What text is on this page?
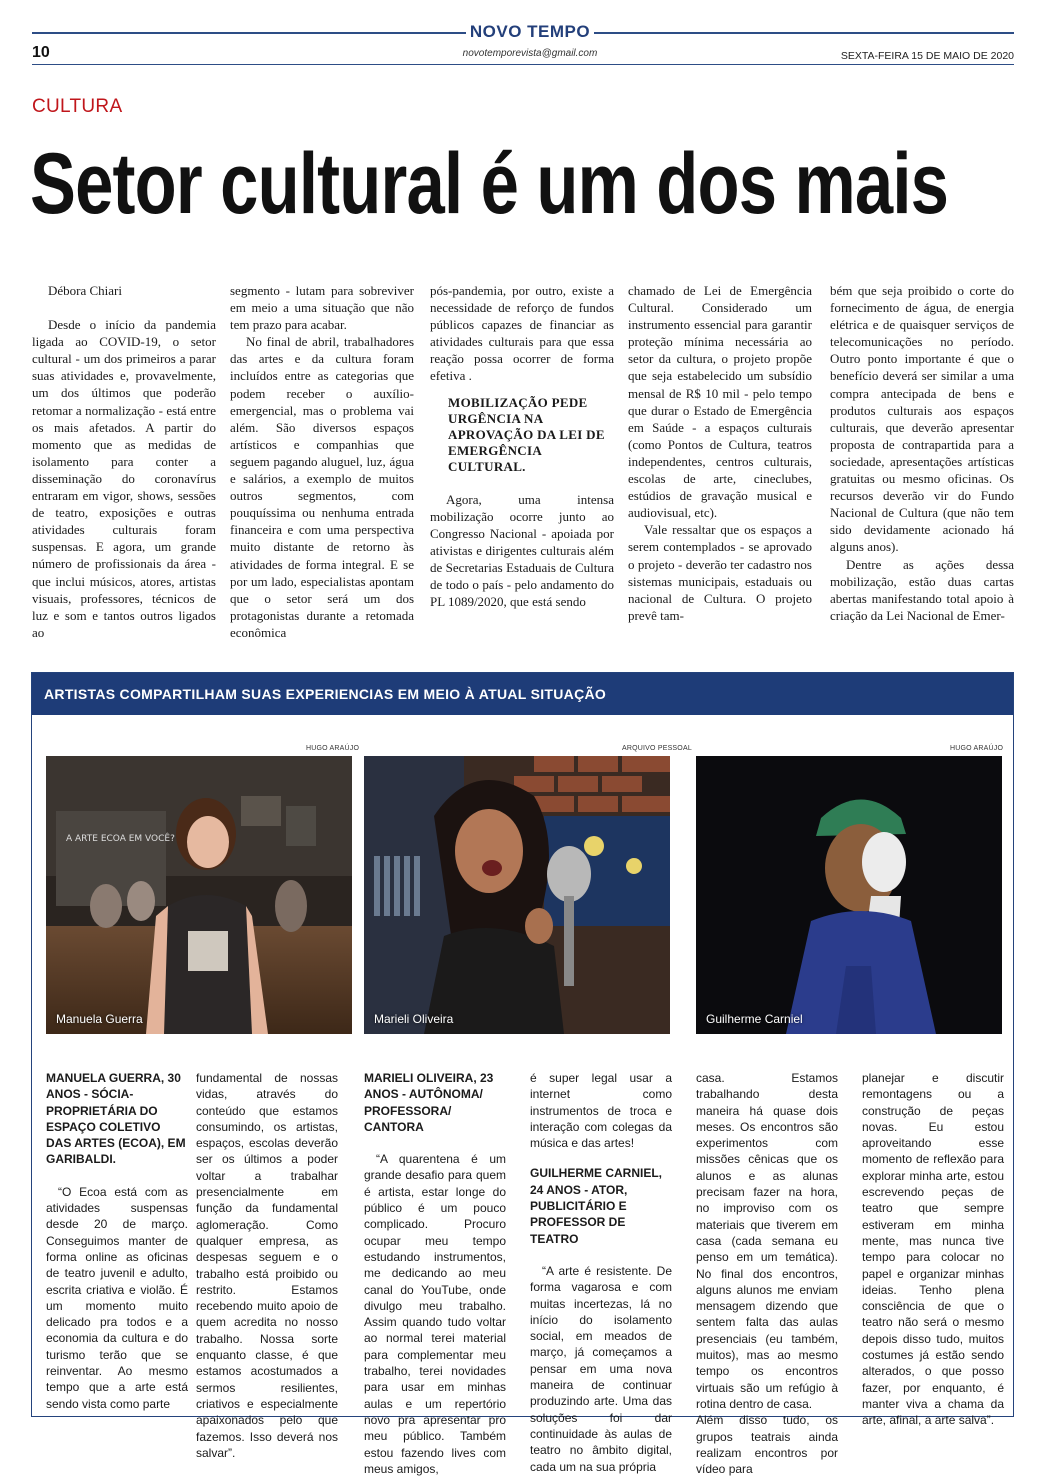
NOVO TEMPO
10	novotemporevista@gmail.com	SEXTA-FEIRA 15 DE MAIO DE 2020
CULTURA
Setor cultural é um dos mais

Débora Chiari

Desde o início da pandemia ligada ao COVID-19, o setor cultural - um dos primeiros a parar suas atividades e, provavelmente, um dos últimos que poderão retomar a normalização - está entre os mais afetados. A partir do momento que as medidas de isolamento para conter a disseminação do coronavírus entraram em vigor, shows, sessões de teatro, exposições e outras atividades culturais foram suspensas. E agora, um grande número de profissionais da área - que inclui músicos, atores, artistas visuais, professores, técnicos de luz e som e tantos outros ligados ao

segmento - lutam para sobreviver em meio a uma situação que não tem prazo para acabar.

No final de abril, trabalhadores das artes e da cultura foram incluídos entre as categorias que podem receber o auxílio-emergencial, mas o problema vai além. São diversos espaços artísticos e companhias que seguem pagando aluguel, luz, água e salários, a exemplo de muitos outros segmentos, com pouquíssima ou nenhuma entrada financeira e com uma perspectiva muito distante de retorno às atividades de forma integral. E se por um lado, especialistas apontam que o setor será um dos protagonistas durante a retomada econômica

pós-pandemia, por outro, existe a necessidade de reforço de fundos públicos capazes de financiar as atividades culturais para que essa reação possa ocorrer de forma efetiva .

MOBILIZAÇÃO PEDE URGÊNCIA NA APROVAÇÃO DA LEI DE EMERGÊNCIA CULTURAL.

Agora, uma intensa mobilização ocorre junto ao Congresso Nacional - apoiada por ativistas e dirigentes culturais além de Secretarias Estaduais de Cultura de todo o país - pelo andamento do PL 1089/2020, que está sendo

chamado de Lei de Emergência Cultural. Considerado um instrumento essencial para garantir proteção mínima necessária ao setor da cultura, o projeto propõe que seja estabelecido um subsídio mensal de R$ 10 mil - pelo tempo que durar o Estado de Emergência em Saúde - a espaços culturais (como Pontos de Cultura, teatros independentes, centros culturais, escolas de arte, cineclubes, estúdios de gravação musical e audiovisual, etc).

Vale ressaltar que os espaços a serem contemplados - se aprovado o projeto - deverão ter cadastro nos sistemas municipais, estaduais ou nacional de Cultura. O projeto prevê tam-

bém que seja proibido o corte do fornecimento de água, de energia elétrica e de quaisquer serviços de telecomunicações no período. Outro ponto importante é que o benefício deverá ser similar a uma compra antecipada de bens e produtos culturais aos espaços culturais, que deverão apresentar proposta de contrapartida para a sociedade, apresentações artísticas gratuitas ou mesmo oficinas. Os recursos deverão vir do Fundo Nacional de Cultura (que não tem sido devidamente acionado há alguns anos).

Dentre as ações dessa mobilização, estão duas cartas abertas manifestando total apoio à criação da Lei Nacional de Emer-

ARTISTAS COMPARTILHAM SUAS EXPERIENCIAS EM MEIO À ATUAL SITUAÇÃO
HUGO ARAÚJO	ARQUIVO PESSOAL	HUGO ARAÚJO
A ARTE ECOA EM VOCÊ?
Manuela Guerra	Marieli Oliveira	Guilherme Carniel

MANUELA GUERRA, 30 ANOS - SÓCIA-PROPRIETÁRIA DO ESPAÇO COLETIVO DAS ARTES (ECOA), EM GARIBALDI.

“O Ecoa está com as atividades suspensas desde 20 de março. Conseguimos manter de forma online as oficinas de teatro juvenil e adulto, escrita criativa e violão. É um momento muito delicado pra todos e a economia da cultura e do turismo terão que se reinventar. Ao mesmo tempo que a arte está sendo vista como parte

fundamental de nossas vidas, através do conteúdo que estamos consumindo, os artistas, espaços, escolas deverão ser os últimos a poder voltar a trabalhar presencialmente em função da fundamental aglomeração. Como qualquer empresa, as despesas seguem e o trabalho está proibido ou restrito. Estamos recebendo muito apoio de quem acredita no nosso trabalho. Nossa sorte enquanto classe, é que estamos acostumados a sermos resilientes, criativos e especialmente apaixonados pelo que fazemos. Isso deverá nos salvar”.

MARIELI OLIVEIRA, 23 ANOS - AUTÔNOMA/ PROFESSORA/ CANTORA

“A quarentena é um grande desafio para quem é artista, estar longe do público é um pouco complicado. Procuro ocupar meu tempo estudando instrumentos, me dedicando ao meu canal do YouTube, onde divulgo meu trabalho. Assim quando tudo voltar ao normal terei material para complementar meu trabalho, terei novidades para usar em minhas aulas e um repertório novo pra apresentar pro meu público. Também estou fazendo lives com meus amigos,

é super legal usar a internet como instrumentos de troca e interação com colegas da música e das artes!

GUILHERME CARNIEL, 24 ANOS - ATOR, PUBLICITÁRIO E PROFESSOR DE TEATRO

“A arte é resistente. De forma vagarosa e com muitas incertezas, lá no início do isolamento social, em meados de março, já começamos a pensar em uma nova maneira de continuar produzindo arte. Uma das soluções foi dar continuidade às aulas de teatro no âmbito digital, cada um na sua própria

casa. Estamos trabalhando desta maneira há quase dois meses. Os encontros são experimentos com missões cênicas que os alunos e as alunas precisam fazer na hora, no improviso com os materiais que tiverem em casa (cada semana eu penso em um temática). No final dos encontros, alguns alunos me enviam mensagem dizendo que sentem falta das aulas presenciais (eu também, muitos), mas ao mesmo tempo os encontros virtuais são um refúgio à rotina dentro de casa.

Além disso tudo, os grupos teatrais ainda realizam encontros por vídeo para

planejar e discutir remontagens ou a construção de peças novas. Eu estou aproveitando esse momento de reflexão para explorar minha arte, estou escrevendo peças de teatro que sempre estiveram em minha mente, mas nunca tive tempo para colocar no papel e organizar minhas ideias. Tenho plena consciência de que o teatro não será o mesmo depois disso tudo, muitos costumes já estão sendo alterados, o que posso fazer, por enquanto, é manter viva a chama da arte, afinal, a arte salva”.
